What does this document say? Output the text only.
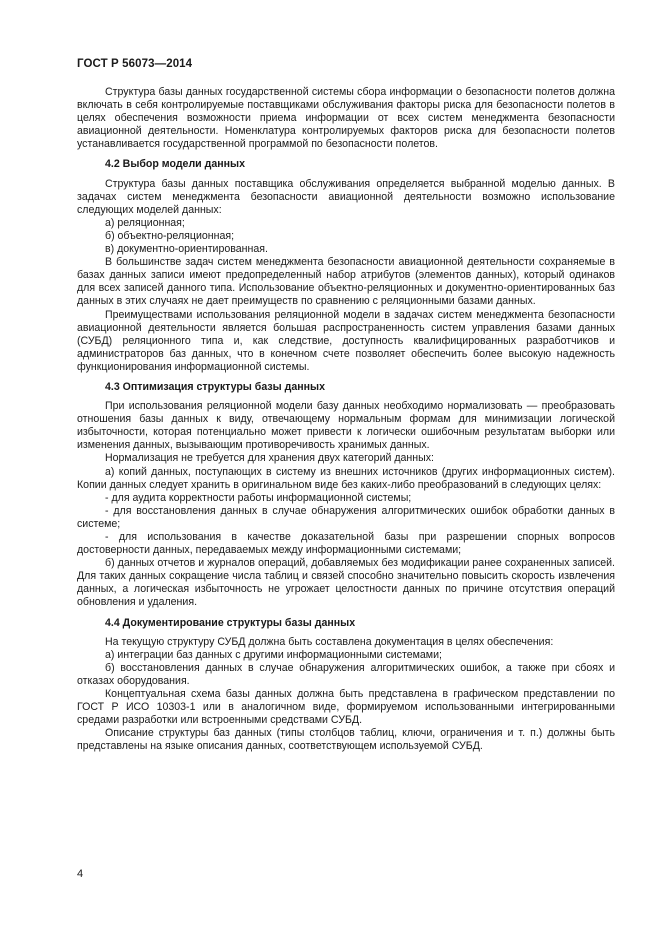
ГОСТ Р 56073—2014

Структура базы данных государственной системы сбора информации о безопасности полетов должна включать в себя контролируемые поставщиками обслуживания факторы риска для безопасности полетов в целях обеспечения возможности приема информации от всех систем менеджмента безопасности авиационной деятельности. Номенклатура контролируемых факторов риска для безопасности полетов устанавливается государственной программой по безопасности полетов.

4.2 Выбор модели данных

Структура базы данных поставщика обслуживания определяется выбранной моделью данных. В задачах систем менеджмента безопасности авиационной деятельности возможно использование следующих моделей данных:

а) реляционная;

б) объектно-реляционная;

в) документно-ориентированная.

В большинстве задач систем менеджмента безопасности авиационной деятельности сохраняемые в базах данных записи имеют предопределенный набор атрибутов (элементов данных), который одинаков для всех записей данного типа. Использование объектно-реляционных и документно-ориентированных баз данных в этих случаях не дает преимуществ по сравнению с реляционными базами данных.

Преимуществами использования реляционной модели в задачах систем менеджмента безопасности авиационной деятельности является большая распространенность систем управления базами данных (СУБД) реляционного типа и, как следствие, доступность квалифицированных разработчиков и администраторов баз данных, что в конечном счете позволяет обеспечить более высокую надежность функционирования информационной системы.

4.3 Оптимизация структуры базы данных

При использования реляционной модели базу данных необходимо нормализовать — преобразовать отношения базы данных к виду, отвечающему нормальным формам для минимизации логической избыточности, которая потенциально может привести к логически ошибочным результатам выборки или изменения данных, вызывающим противоречивость хранимых данных.

Нормализация не требуется для хранения двух категорий данных:

а) копий данных, поступающих в систему из внешних источников (других информационных систем). Копии данных следует хранить в оригинальном виде без каких-либо преобразований в следующих целях:

- для аудита корректности работы информационной системы;

- для восстановления данных в случае обнаружения алгоритмических ошибок обработки данных в системе;

- для использования в качестве доказательной базы при разрешении спорных вопросов достоверности данных, передаваемых между информационными системами;

б) данных отчетов и журналов операций, добавляемых без модификации ранее сохраненных записей. Для таких данных сокращение числа таблиц и связей способно значительно повысить скорость извлечения данных, а логическая избыточность не угрожает целостности данных по причине отсутствия операций обновления и удаления.

4.4 Документирование структуры базы данных

На текущую структуру СУБД должна быть составлена документация в целях обеспечения:

а) интеграции баз данных с другими информационными системами;

б) восстановления данных в случае обнаружения алгоритмических ошибок, а также при сбоях и отказах оборудования.

Концептуальная схема базы данных должна быть представлена в графическом представлении по ГОСТ Р ИСО 10303-1 или в аналогичном виде, формируемом использованными интегрированными средами разработки или встроенными средствами СУБД.

Описание структуры баз данных (типы столбцов таблиц, ключи, ограничения и т. п.) должны быть представлены на языке описания данных, соответствующем используемой СУБД.

4
